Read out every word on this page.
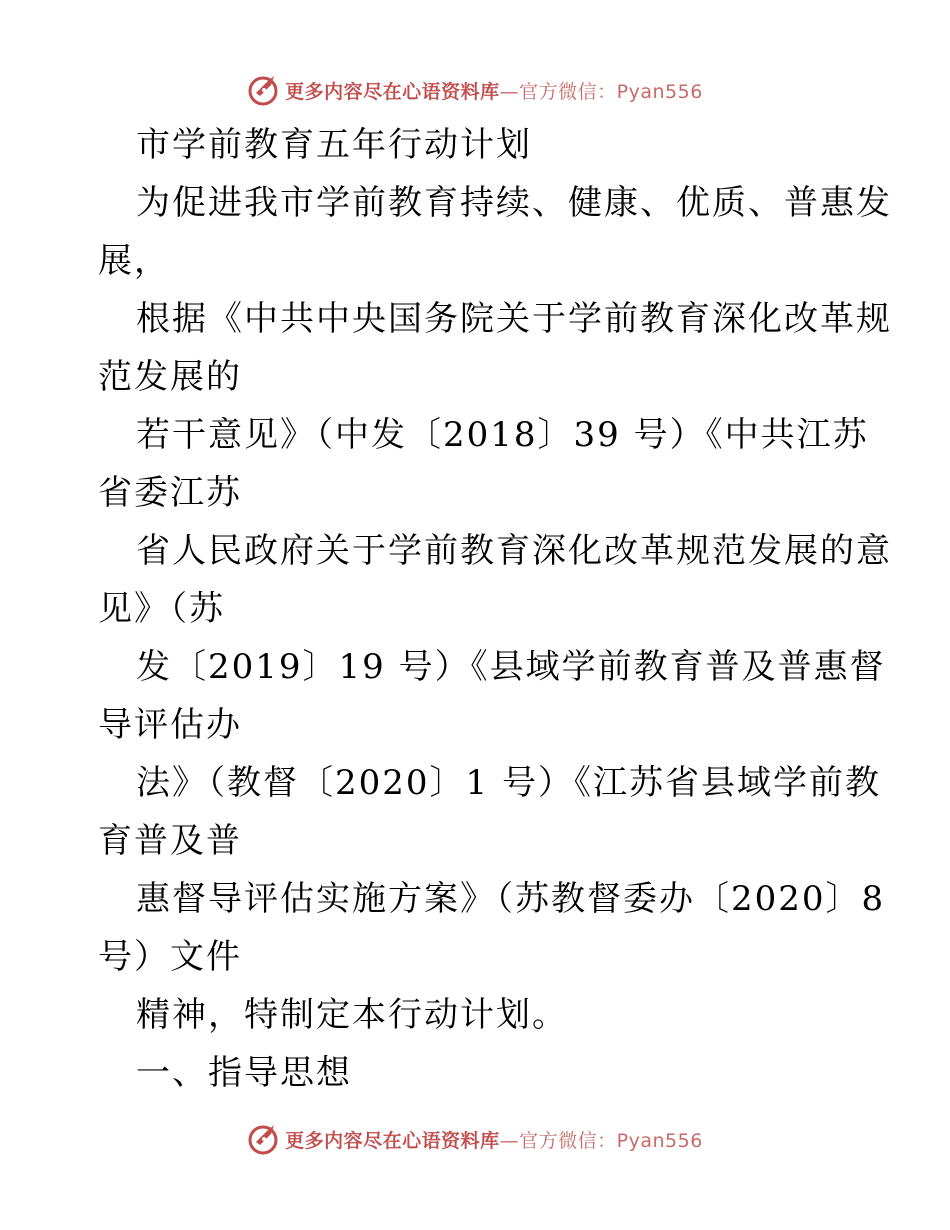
更多内容尽在心语资料库—官方微信：Pyan556
市学前教育五年行动计划
为促进我市学前教育持续、健康、优质、普惠发
展，
根据《中共中央国务院关于学前教育深化改革规
范发展的
若干意见》（中发〔2018〕39 号）《中共江苏
省委江苏
省人民政府关于学前教育深化改革规范发展的意
见》（苏
发〔2019〕19 号）《县域学前教育普及普惠督
导评估办
法》（教督〔2020〕1 号）《江苏省县域学前教
育普及普
惠督导评估实施方案》（苏教督委办〔2020〕8
号）文件
精神，特制定本行动计划。
一、指导思想
更多内容尽在心语资料库—官方微信：Pyan556
